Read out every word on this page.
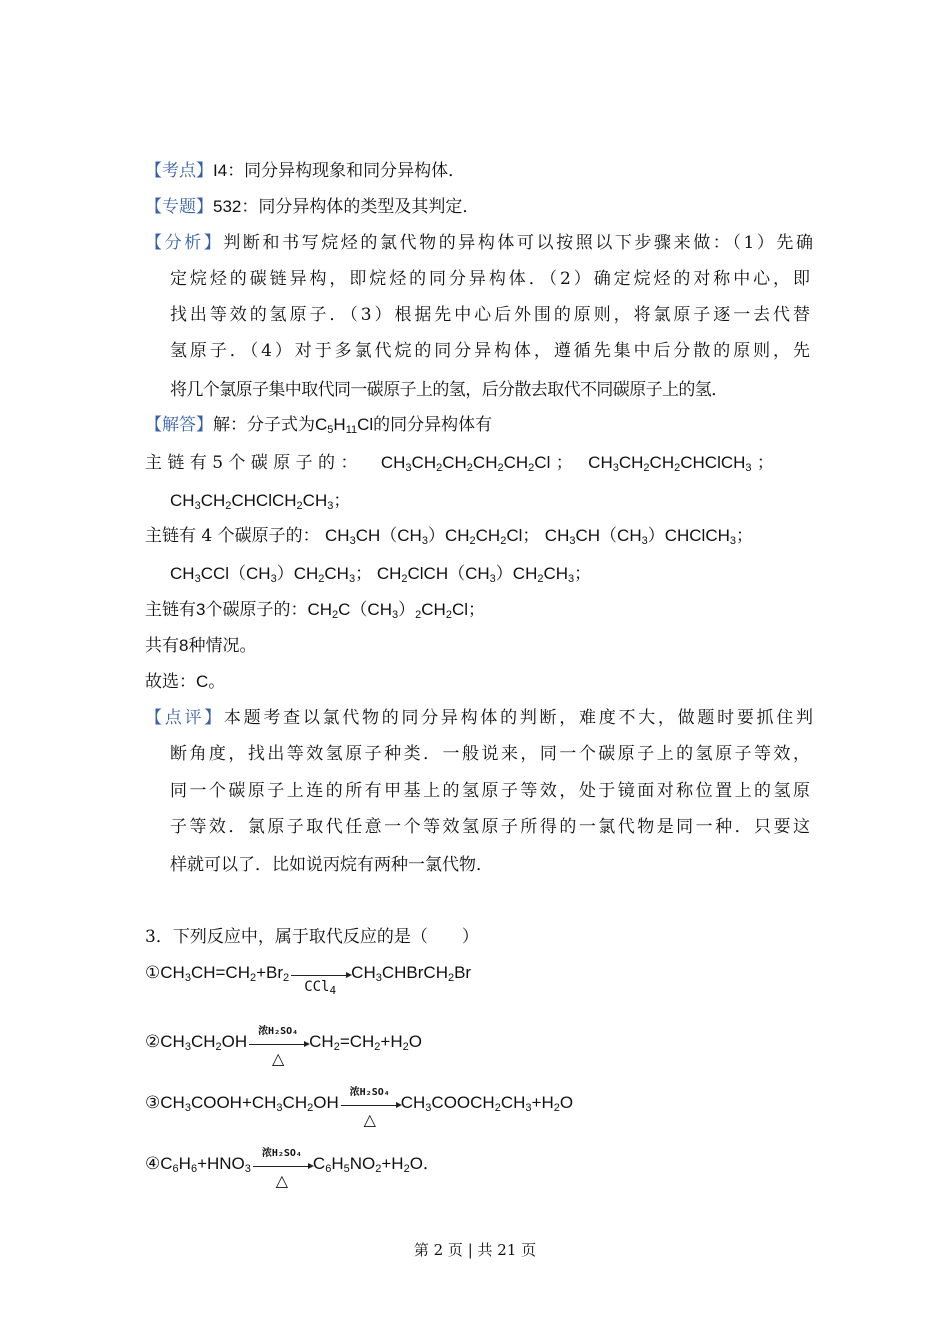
【考点】I4：同分异构现象和同分异构体．
【专题】532：同分异构体的类型及其判定．
【分析】判断和书写烷烃的氯代物的异构体可以按照以下步骤来做：（1）先确
定烷烃的碳链异构，即烷烃的同分异构体．（2）确定烷烃的对称中心，即
找出等效的氢原子．（3）根据先中心后外围的原则，将氯原子逐一去代替
氢原子．（4）对于多氯代烷的同分异构体，遵循先集中后分散的原则，先
将几个氯原子集中取代同一碳原子上的氢，后分散去取代不同碳原子上的氢．
【解答】解：分子式为$C_5H_{11}Cl$的同分异构体有
主 链 有 5 个 碳 原 子 的 ： $CH_3CH_2CH_2CH_2CH_2Cl$ ； $CH_3CH_2CH_2CHClCH_3$ ；
$CH_3CH_2CHClCH_2CH_3$；
主链有 4 个碳原子的： $CH_3CH(CH_3)CH_2CH_2Cl$； $CH_3CH(CH_3)CHClCH_3$；
$CH_3CCl(CH_3)CH_2CH_3$； $CH_2ClCH(CH_3)CH_2CH_3$；
主链有3个碳原子的：$CH_2C(CH_3)_2CH_2Cl$；
共有8种情况。
故选：C。
【点评】本题考查以氯代物的同分异构体的判断，难度不大，做题时要抓住判
断角度，找出等效氢原子种类．一般说来，同一个碳原子上的氢原子等效，
同一个碳原子上连的所有甲基上的氢原子等效，处于镜面对称位置上的氢原
子等效．氯原子取代任意一个等效氢原子所得的一氯代物是同一种．只要这
样就可以了．比如说丙烷有两种一氯代物．
3．下列反应中，属于取代反应的是（　　）
$①CH_3CH=CH_2+Br_2$
CCl$_4$
$CH_3CHBrCH_2Br$
$②CH_3CH_2OH$
浓H₂SO₄
△
$CH_2=CH_2+H_2O$
$③CH_3COOH+CH_3CH_2OH$
浓H₂SO₄
△
$CH_3COOCH_2CH_3+H_2O$
$④C_6H_6+HNO_3$
浓H₂SO₄
△
$C_6H_5NO_2+H_2O$．
第 2 页 | 共 21 页
